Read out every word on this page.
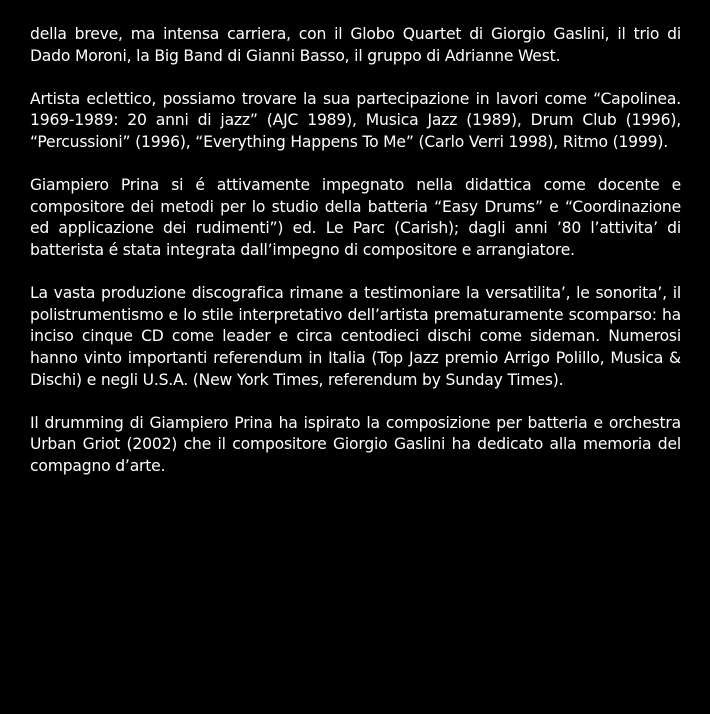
della breve, ma intensa carriera, con il Globo Quartet di Giorgio Gaslini, il trio di Dado Moroni, la Big Band di Gianni Basso, il gruppo di Adrianne West.

Artista eclettico, possiamo trovare la sua partecipazione in lavori come “Capolinea. 1969-1989: 20 anni di jazz” (AJC 1989), Musica Jazz (1989), Drum Club (1996), “Percussioni” (1996), “Everything Happens To Me” (Carlo Verri 1998), Ritmo (1999).

Giampiero Prina si é attivamente impegnato nella didattica come docente e compositore dei metodi per lo studio della batteria “Easy Drums” e “Coordinazione ed applicazione dei rudimenti”) ed. Le Parc (Carish); dagli anni ’80 l’attivita’ di batterista é stata integrata dall’impegno di compositore e arrangiatore.

La vasta produzione discografica rimane a testimoniare la versatilita’, le sonorita’, il polistrumentismo e lo stile interpretativo dell’artista prematuramente scomparso: ha inciso cinque CD come leader e circa centodieci dischi come sideman. Numerosi hanno vinto importanti referendum in Italia (Top Jazz premio Arrigo Polillo, Musica & Dischi) e negli U.S.A. (New York Times, referendum by Sunday Times).

Il drumming di Giampiero Prina ha ispirato la composizione per batteria e orchestra Urban Griot (2002) che il compositore Giorgio Gaslini ha dedicato alla memoria del compagno d’arte.
